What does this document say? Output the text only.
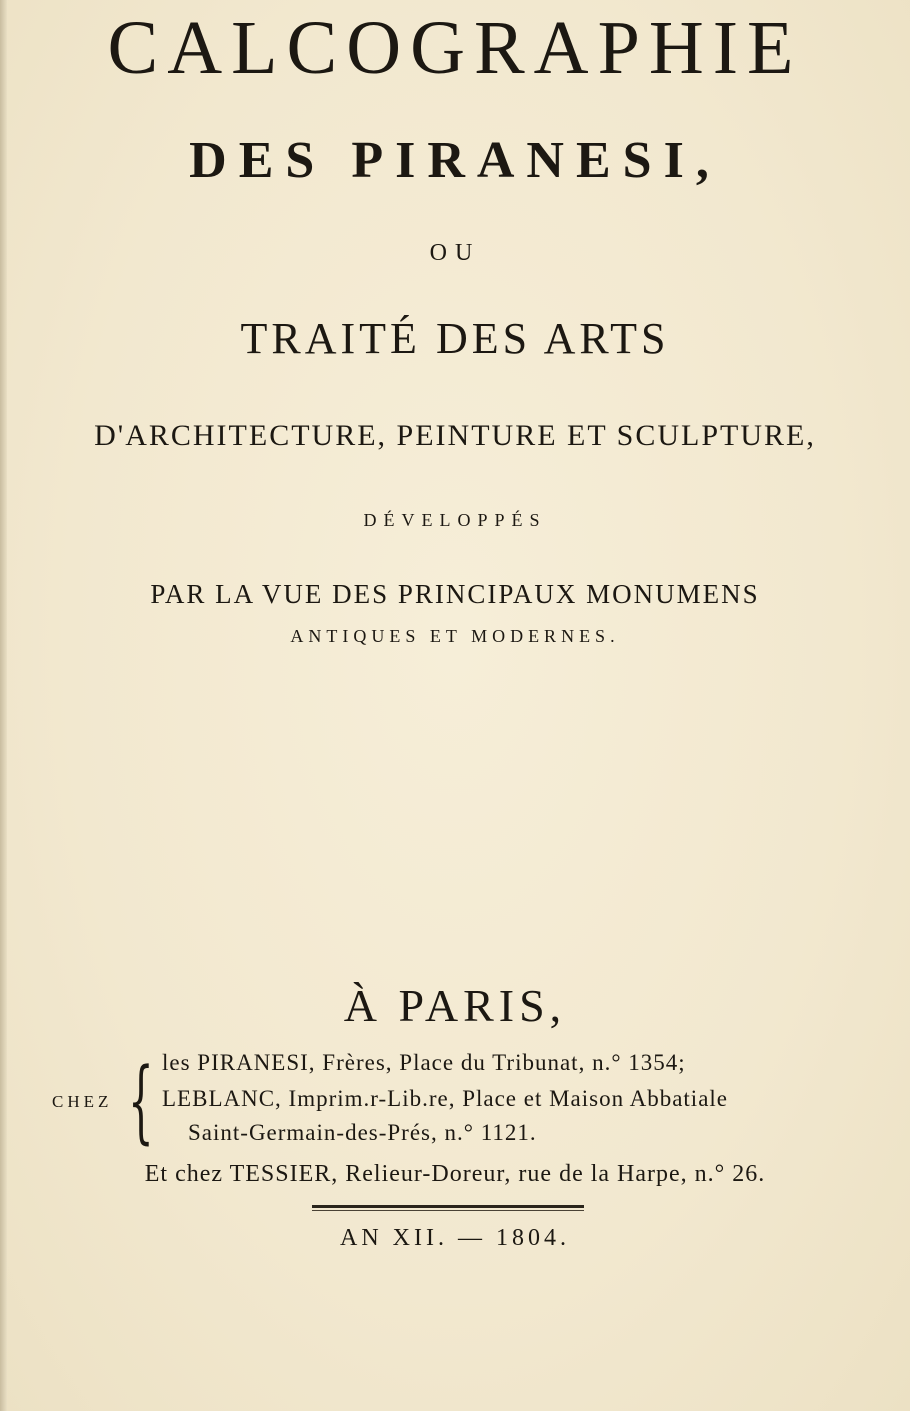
CALCOGRAPHIE
DES PIRANESI,
OU
TRAITÉ DES ARTS
D'ARCHITECTURE, PEINTURE ET SCULPTURE,
DÉVELOPPÉS
PAR LA VUE DES PRINCIPAUX MONUMENS
ANTIQUES ET MODERNES.
À PARIS,
CHEZ { les PIRANESI, Frères, Place du Tribunat, n.° 1354;
LEBLANC, Imprim.r-Lib.re, Place et Maison Abbatiale
Saint-Germain-des-Prés, n.° 1121.
Et chez TESSIER, Relieur-Doreur, rue de la Harpe, n.° 26.
AN XII. — 1804.
